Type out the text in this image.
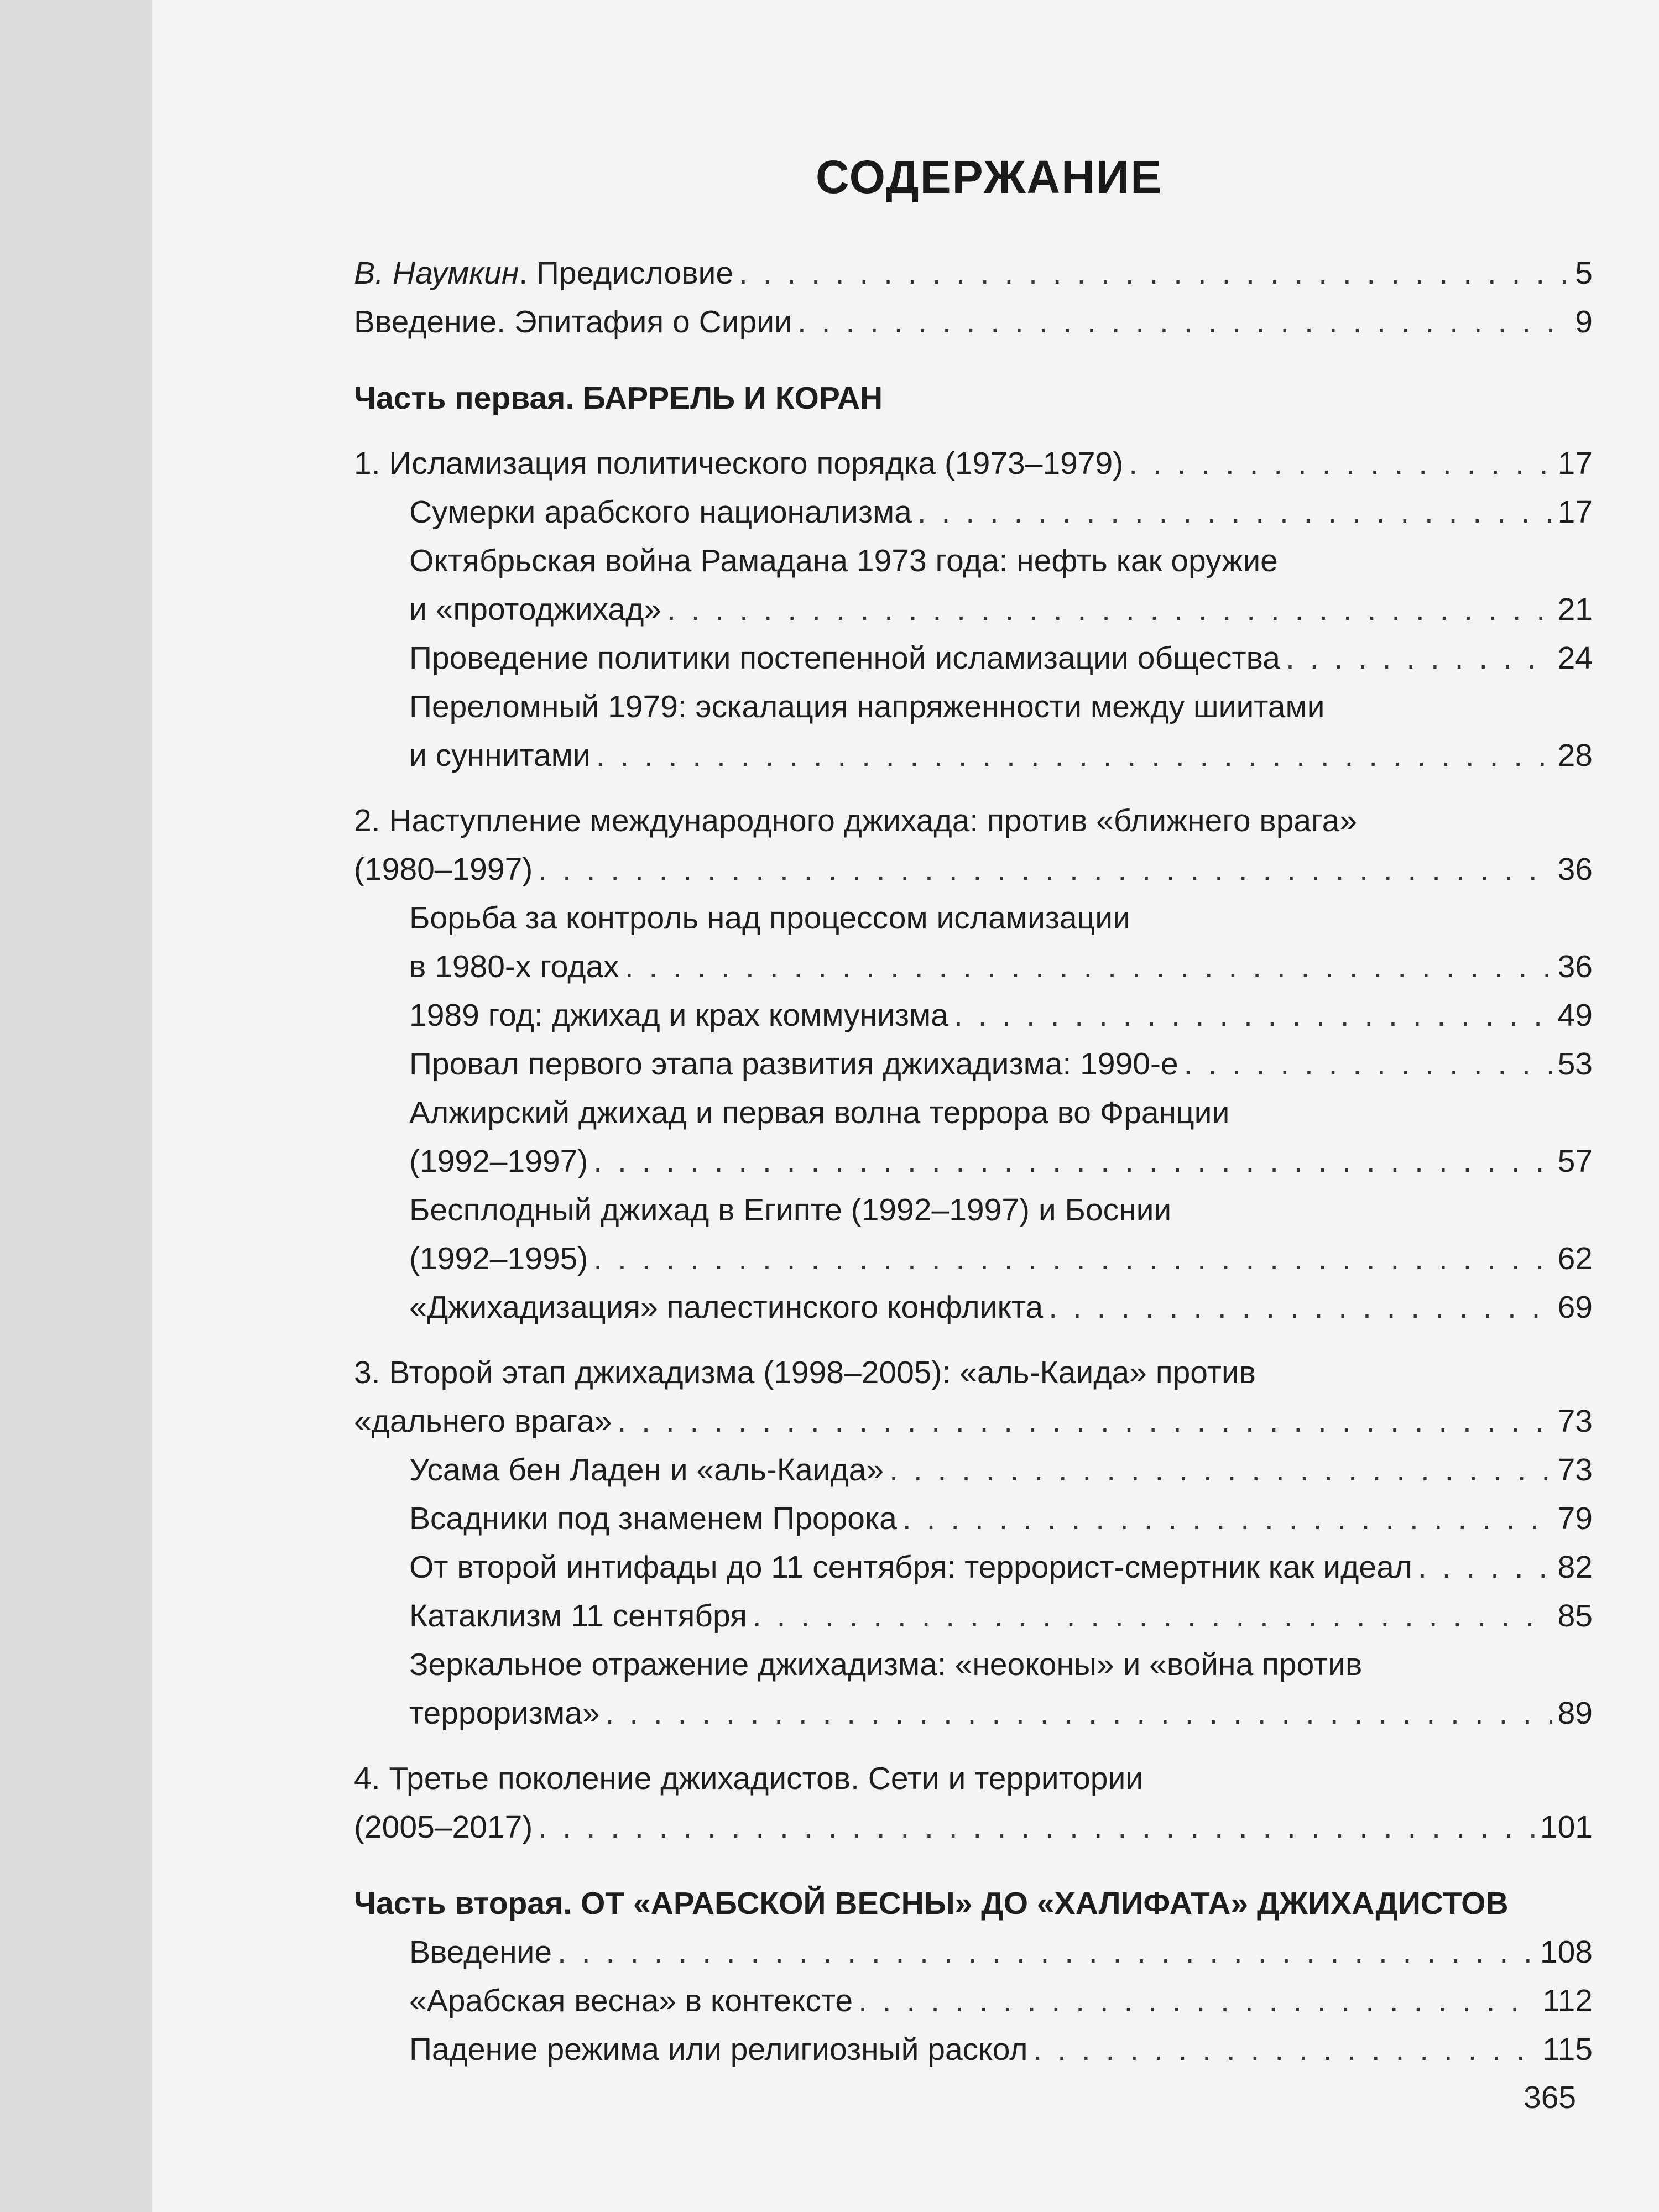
СОДЕРЖАНИЕ
В. Наумкин. Предисловие . . .	5
Введение. Эпитафия о Сирии . . .	9
Часть первая. БАРРЕЛЬ И КОРАН
1. Исламизация политического порядка (1973–1979) . . .	17
Сумерки арабского национализма . . .	17
Октябрьская война Рамадана 1973 года: нефть как оружие
и «протоджихад» . . .	21
Проведение политики постепенной исламизации общества . . .	24
Переломный 1979: эскалация напряженности между шиитами
и суннитами . . .	28
2. Наступление международного джихада: против «ближнего врага»
(1980–1997) . . .	36
Борьба за контроль над процессом исламизации
в 1980-х годах . . .	36
1989 год: джихад и крах коммунизма . . .	49
Провал первого этапа развития джихадизма: 1990-е . . .	53
Алжирский джихад и первая волна террора во Франции
(1992–1997) . . .	57
Бесплодный джихад в Египте (1992–1997) и Боснии
(1992–1995) . . .	62
«Джихадизация» палестинского конфликта . . .	69
3. Второй этап джихадизма (1998–2005): «аль-Каида» против
«дальнего врага» . . .	73
Усама бен Ладен и «аль-Каида» . . .	73
Всадники под знаменем Пророка . . .	79
От второй интифады до 11 сентября: террорист-смертник как идеал . . .	82
Катаклизм 11 сентября . . .	85
Зеркальное отражение джихадизма: «неоконы» и «война против
терроризма» . . .	89
4. Третье поколение джихадистов. Сети и территории
(2005–2017) . . .	101
Часть вторая. ОТ «АРАБСКОЙ ВЕСНЫ» ДО «ХАЛИФАТА» ДЖИХАДИСТОВ
Введение . . .	108
«Арабская весна» в контексте . . .	112
Падение режима или религиозный раскол . . .	115
365
